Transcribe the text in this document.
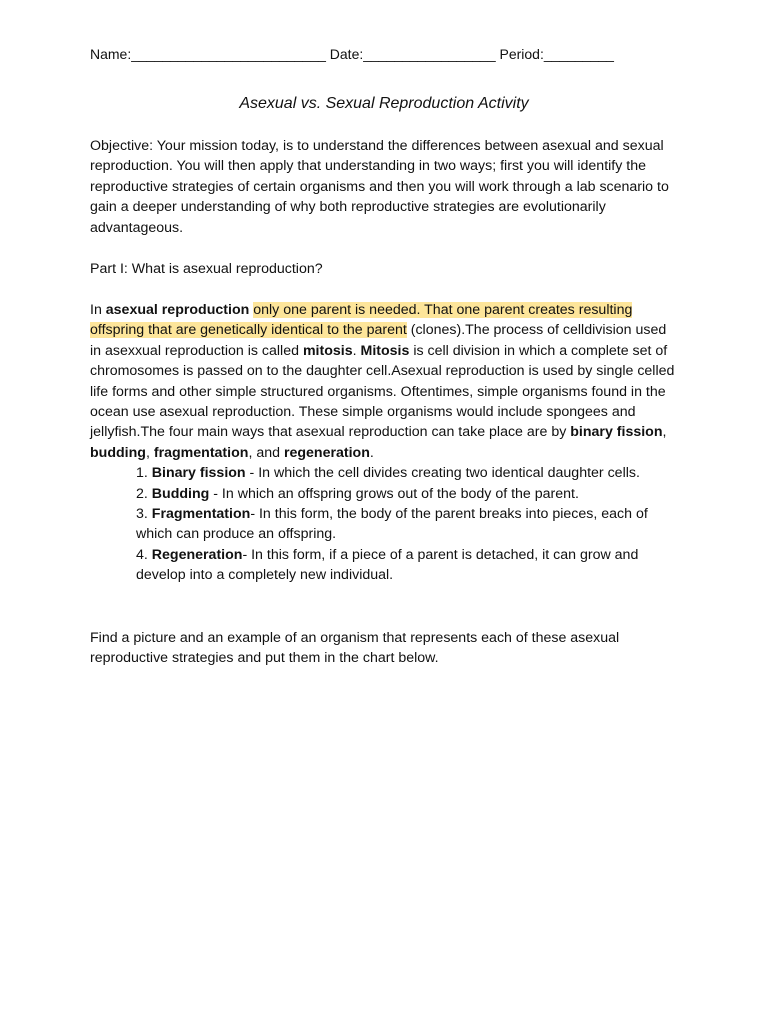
Name:_________________________ Date:_________________ Period:_________
Asexual vs. Sexual Reproduction Activity

Objective: Your mission today, is to understand the differences between asexual and sexual reproduction. You will then apply that understanding in two ways; first you will identify the reproductive strategies of certain organisms and then you will work through a lab scenario to gain a deeper understanding of why both reproductive strategies are evolutionarily advantageous.

Part I: What is asexual reproduction?

In asexual reproduction only one parent is needed. That one parent creates resulting offspring that are genetically identical to the parent (clones).The process of celldivision used in asexxual reproduction is called mitosis. Mitosis is cell division in which a complete set of chromosomes is passed on to the daughter cell.Asexual reproduction is used by single celled life forms and other simple structured organisms. Oftentimes, simple organisms found in the ocean use asexual reproduction. These simple organisms would include spongees and jellyfish.The four main ways that asexual reproduction can take place are by binary fission, budding, fragmentation, and regeneration.

1. Binary fission - In which the cell divides creating two identical daughter cells.
2. Budding - In which an offspring grows out of the body of the parent.
3. Fragmentation- In this form, the body of the parent breaks into pieces, each of which can produce an offspring.
4. Regeneration- In this form, if a piece of a parent is detached, it can grow and develop into a completely new individual.

Find a picture and an example of an organism that represents each of these asexual reproductive strategies and put them in the chart below.
